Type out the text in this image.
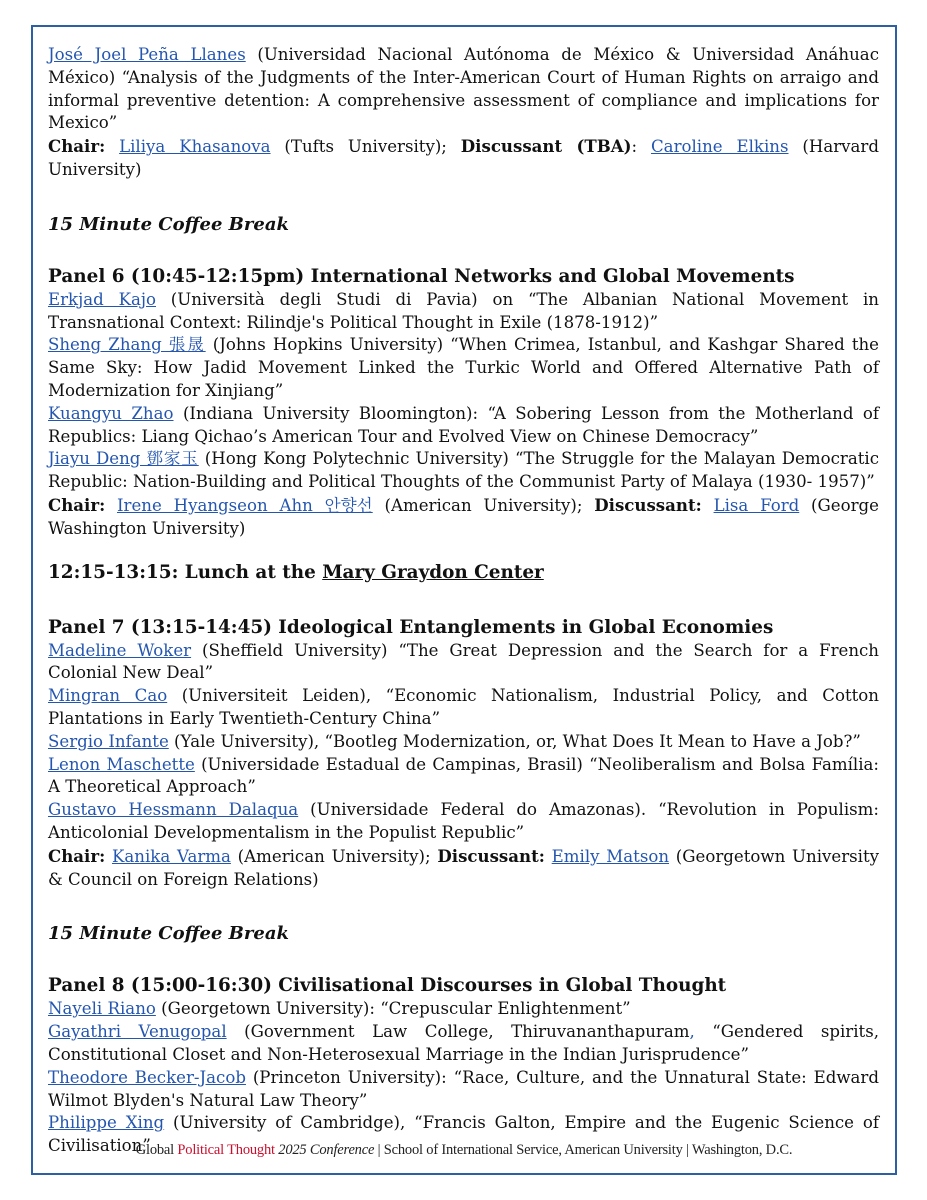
José Joel Peña Llanes (Universidad Nacional Autónoma de México & Universidad Anáhuac México) “Analysis of the Judgments of the Inter-American Court of Human Rights on arraigo and informal preventive detention: A comprehensive assessment of compliance and implications for Mexico”
Chair: Liliya Khasanova (Tufts University); Discussant (TBA): Caroline Elkins (Harvard University)
15 Minute Coffee Break
Panel 6 (10:45-12:15pm) International Networks and Global Movements
Erkjad Kajo (Università degli Studi di Pavia) on “The Albanian National Movement in Transnational Context: Rilindje's Political Thought in Exile (1878-1912)”
Sheng Zhang 張晟 (Johns Hopkins University) “When Crimea, Istanbul, and Kashgar Shared the Same Sky: How Jadid Movement Linked the Turkic World and Offered Alternative Path of Modernization for Xinjiang”
Kuangyu Zhao (Indiana University Bloomington): “A Sobering Lesson from the Motherland of Republics: Liang Qichao’s American Tour and Evolved View on Chinese Democracy”
Jiayu Deng 鄧家玉 (Hong Kong Polytechnic University) “The Struggle for the Malayan Democratic Republic: Nation-Building and Political Thoughts of the Communist Party of Malaya (1930- 1957)”
Chair: Irene Hyangseon Ahn 안향선 (American University); Discussant: Lisa Ford (George Washington University)
12:15-13:15: Lunch at the Mary Graydon Center
Panel 7 (13:15-14:45) Ideological Entanglements in Global Economies
Madeline Woker (Sheffield University) “The Great Depression and the Search for a French Colonial New Deal”
Mingran Cao (Universiteit Leiden), “Economic Nationalism, Industrial Policy, and Cotton Plantations in Early Twentieth-Century China”
Sergio Infante (Yale University), “Bootleg Modernization, or, What Does It Mean to Have a Job?”
Lenon Maschette (Universidade Estadual de Campinas, Brasil) “Neoliberalism and Bolsa Família: A Theoretical Approach”
Gustavo Hessmann Dalaqua (Universidade Federal do Amazonas). “Revolution in Populism: Anticolonial Developmentalism in the Populist Republic”
Chair: Kanika Varma (American University); Discussant: Emily Matson (Georgetown University & Council on Foreign Relations)
15 Minute Coffee Break
Panel 8 (15:00-16:30) Civilisational Discourses in Global Thought
Nayeli Riano (Georgetown University): “Crepuscular Enlightenment”
Gayathri Venugopal (Government Law College, Thiruvananthapuram, “Gendered spirits, Constitutional Closet and Non-Heterosexual Marriage in the Indian Jurisprudence”
Theodore Becker-Jacob (Princeton University): “Race, Culture, and the Unnatural State: Edward Wilmot Blyden's Natural Law Theory”
Philippe Xing (University of Cambridge), “Francis Galton, Empire and the Eugenic Science of Civilisation”
Global Political Thought 2025 Conference | School of International Service, American University | Washington, D.C.
